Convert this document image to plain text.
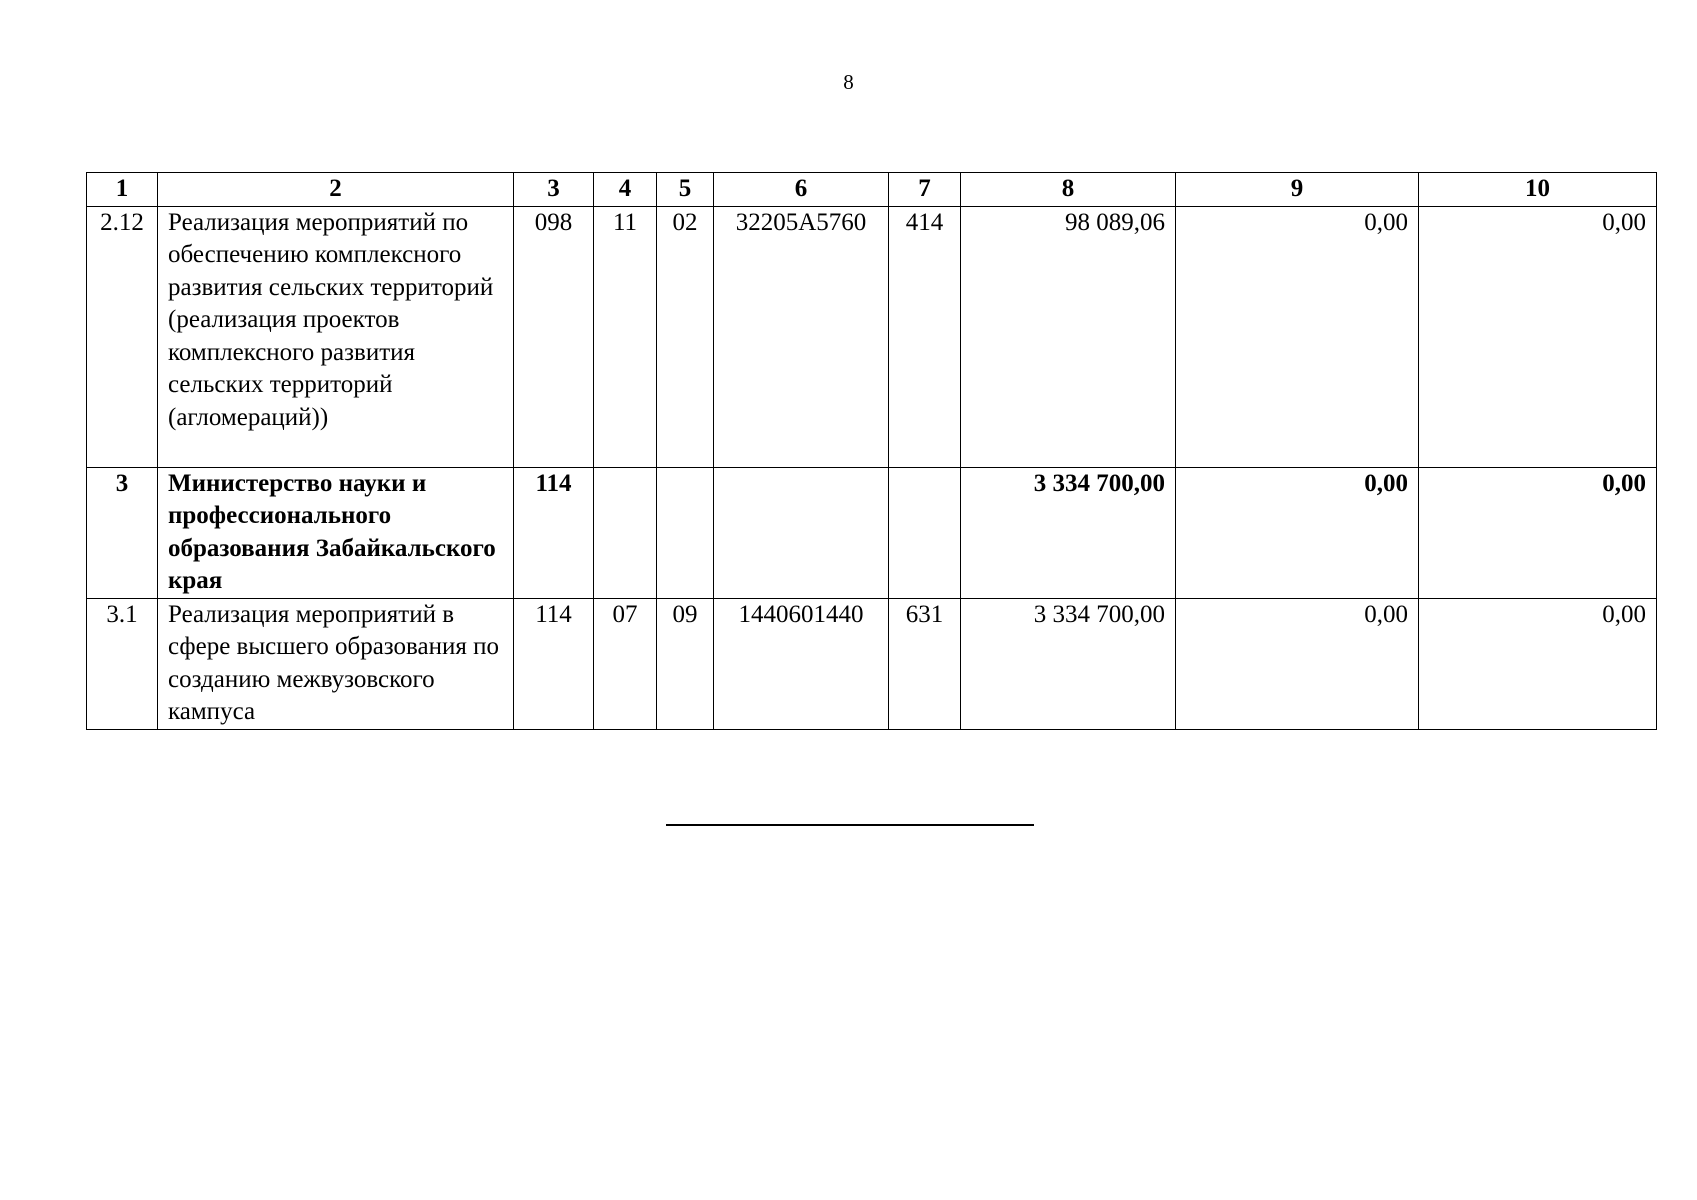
8
1	2	3	4	5	6	7	8	9	10
2.12	Реализация мероприятий по обеспечению комплексного развития сельских территорий (реализация проектов комплексного развития сельских территорий (агломераций))	098	11	02	32205A5760	414	98 089,06	0,00	0,00
3	Министерство науки и профессионального образования Забайкальского края	114					3 334 700,00	0,00	0,00
3.1	Реализация мероприятий в сфере высшего образования по созданию межвузовского кампуса	114	07	09	1440601440	631	3 334 700,00	0,00	0,00
